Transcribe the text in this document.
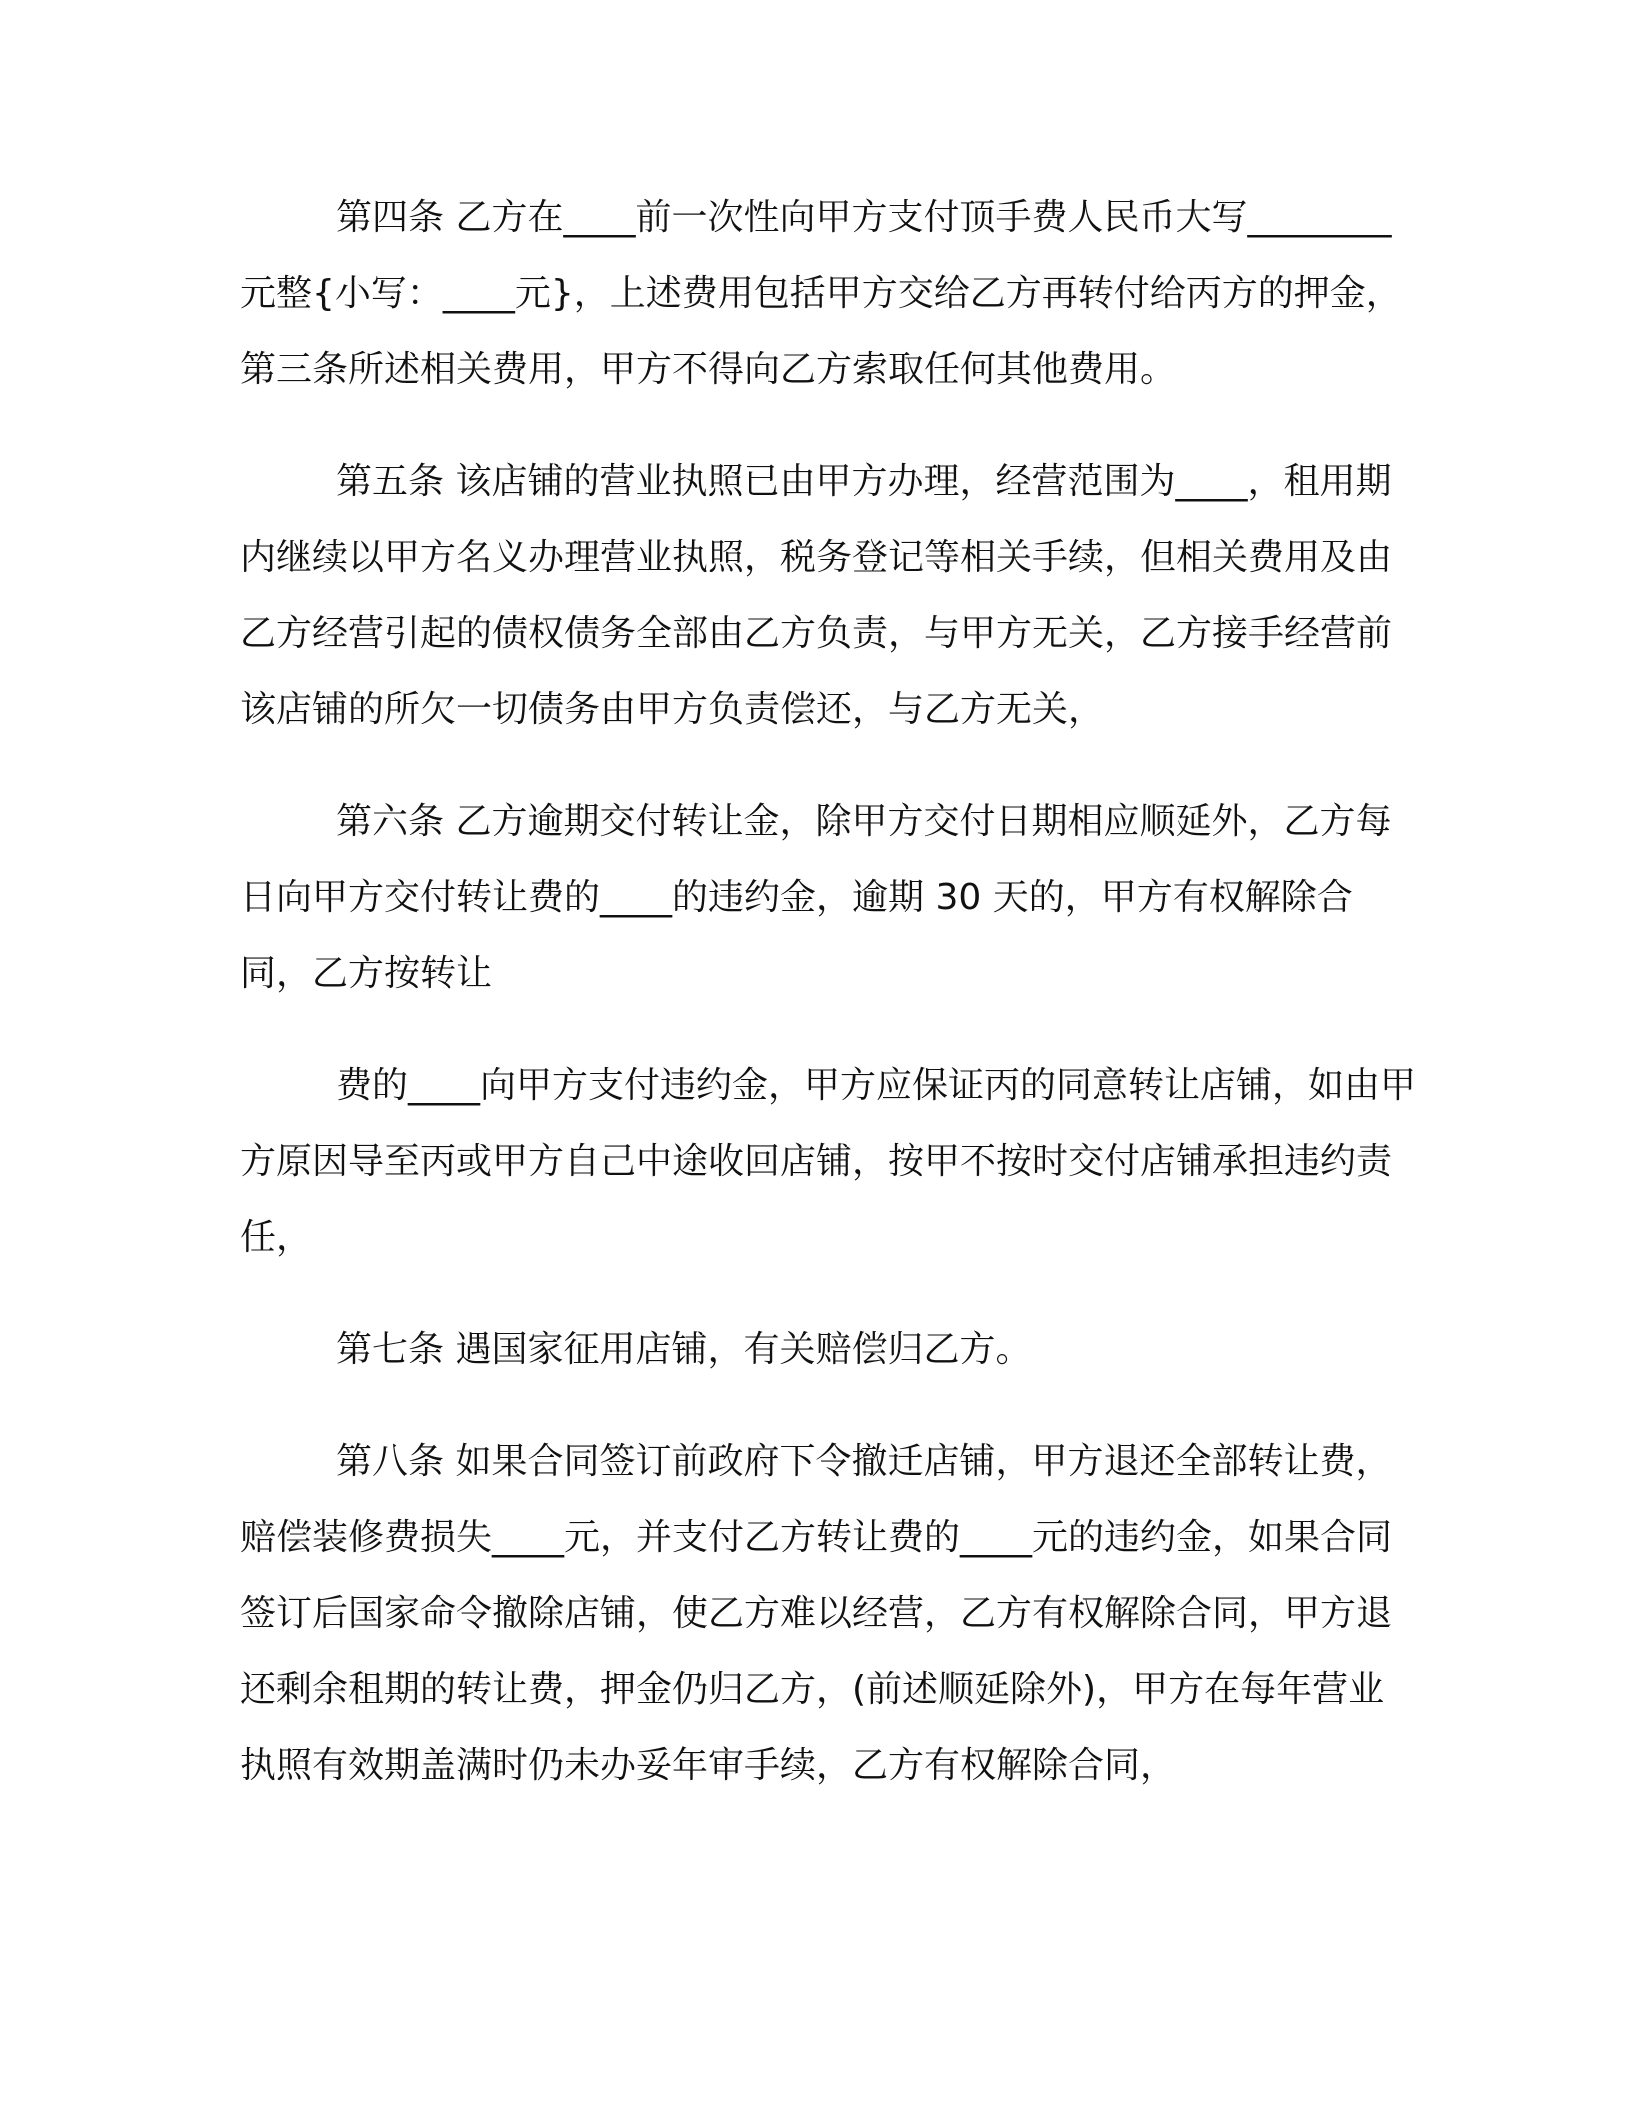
第四条 乙方在____前一次性向甲方支付顶手费人民币大写________元整{小写：____元}，上述费用包括甲方交给乙方再转付给丙方的押金，第三条所述相关费用，甲方不得向乙方索取任何其他费用。

第五条 该店铺的营业执照已由甲方办理，经营范围为____，租用期内继续以甲方名义办理营业执照，税务登记等相关手续，但相关费用及由乙方经营引起的债权债务全部由乙方负责，与甲方无关，乙方接手经营前该店铺的所欠一切债务由甲方负责偿还，与乙方无关，

第六条 乙方逾期交付转让金，除甲方交付日期相应顺延外，乙方每日向甲方交付转让费的____的违约金，逾期 30 天的，甲方有权解除合同，乙方按转让

费的____向甲方支付违约金，甲方应保证丙的同意转让店铺，如由甲方原因导至丙或甲方自己中途收回店铺，按甲不按时交付店铺承担违约责任，

第七条 遇国家征用店铺，有关赔偿归乙方。

第八条 如果合同签订前政府下令撤迁店铺，甲方退还全部转让费，赔偿装修费损失____元，并支付乙方转让费的____元的违约金，如果合同签订后国家命令撤除店铺，使乙方难以经营，乙方有权解除合同，甲方退还剩余租期的转让费，押金仍归乙方，(前述顺延除外)，甲方在每年营业执照有效期盖满时仍未办妥年审手续，乙方有权解除合同，
